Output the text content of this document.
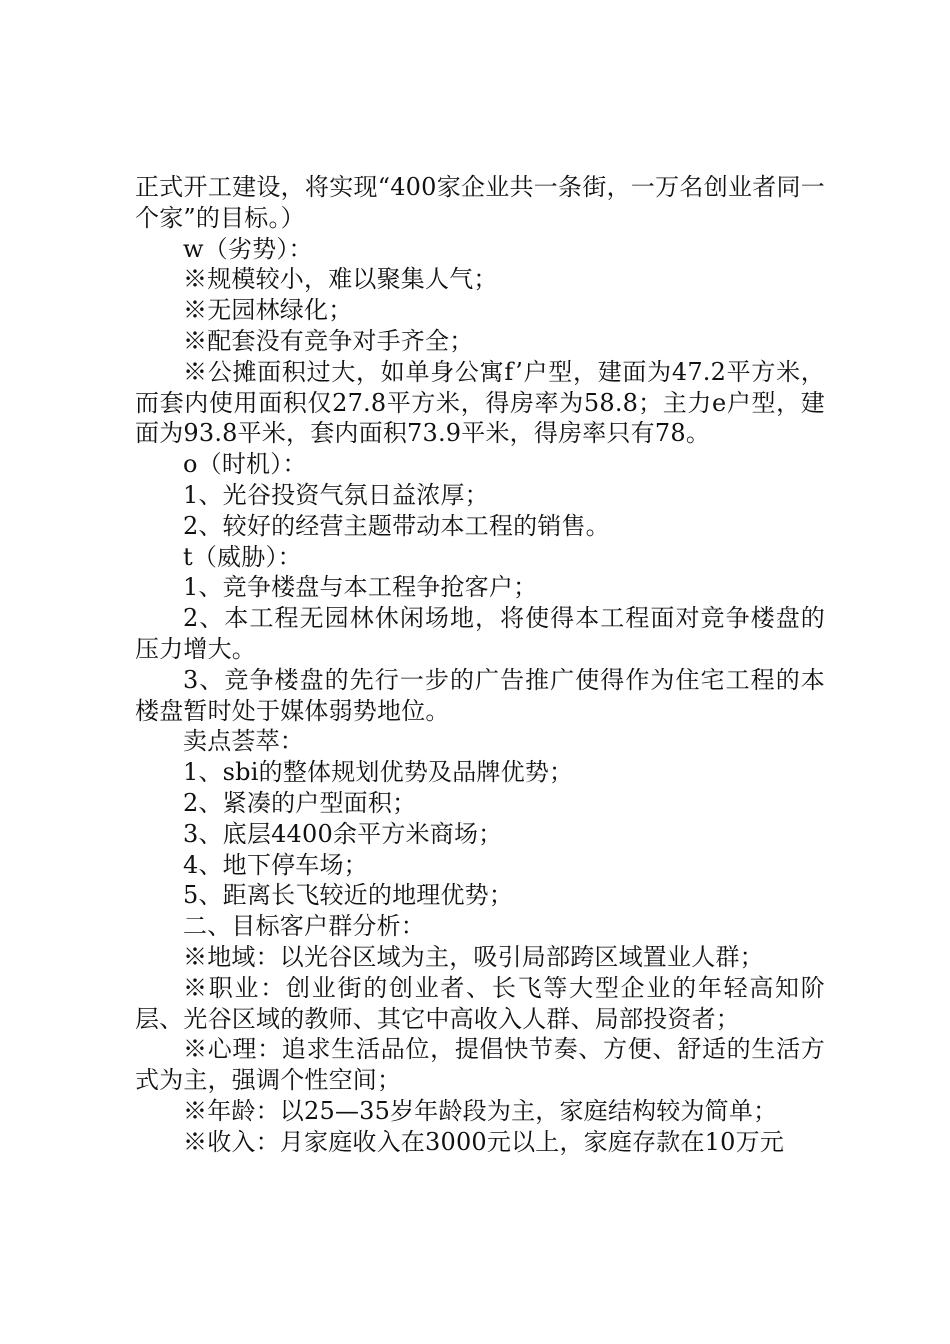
正式开工建设，将实现“400家企业共一条街，一万名创业者同一个家”的目标。）

w（劣势）：

※规模较小，难以聚集人气；

※无园林绿化；

※配套没有竞争对手齐全；

※公摊面积过大，如单身公寓f’户型，建面为47.2平方米，而套内使用面积仅27.8平方米，得房率为58.8；主力e户型，建面为93.8平米，套内面积73.9平米，得房率只有78。

o（时机）：

1、光谷投资气氛日益浓厚；

2、较好的经营主题带动本工程的销售。

t（威胁）：

1、竞争楼盘与本工程争抢客户；

2、本工程无园林休闲场地，将使得本工程面对竞争楼盘的压力增大。

3、竞争楼盘的先行一步的广告推广使得作为住宅工程的本楼盘暂时处于媒体弱势地位。

卖点荟萃：

1、sbi的整体规划优势及品牌优势；

2、紧凑的户型面积；

3、底层4400余平方米商场；

4、地下停车场；

5、距离长飞较近的地理优势；

二、目标客户群分析：

※地域：以光谷区域为主，吸引局部跨区域置业人群；

※职业：创业街的创业者、长飞等大型企业的年轻高知阶层、光谷区域的教师、其它中高收入人群、局部投资者；

※心理：追求生活品位，提倡快节奏、方便、舒适的生活方式为主，强调个性空间；

※年龄：以25—35岁年龄段为主，家庭结构较为简单；

※收入：月家庭收入在3000元以上，家庭存款在10万元
